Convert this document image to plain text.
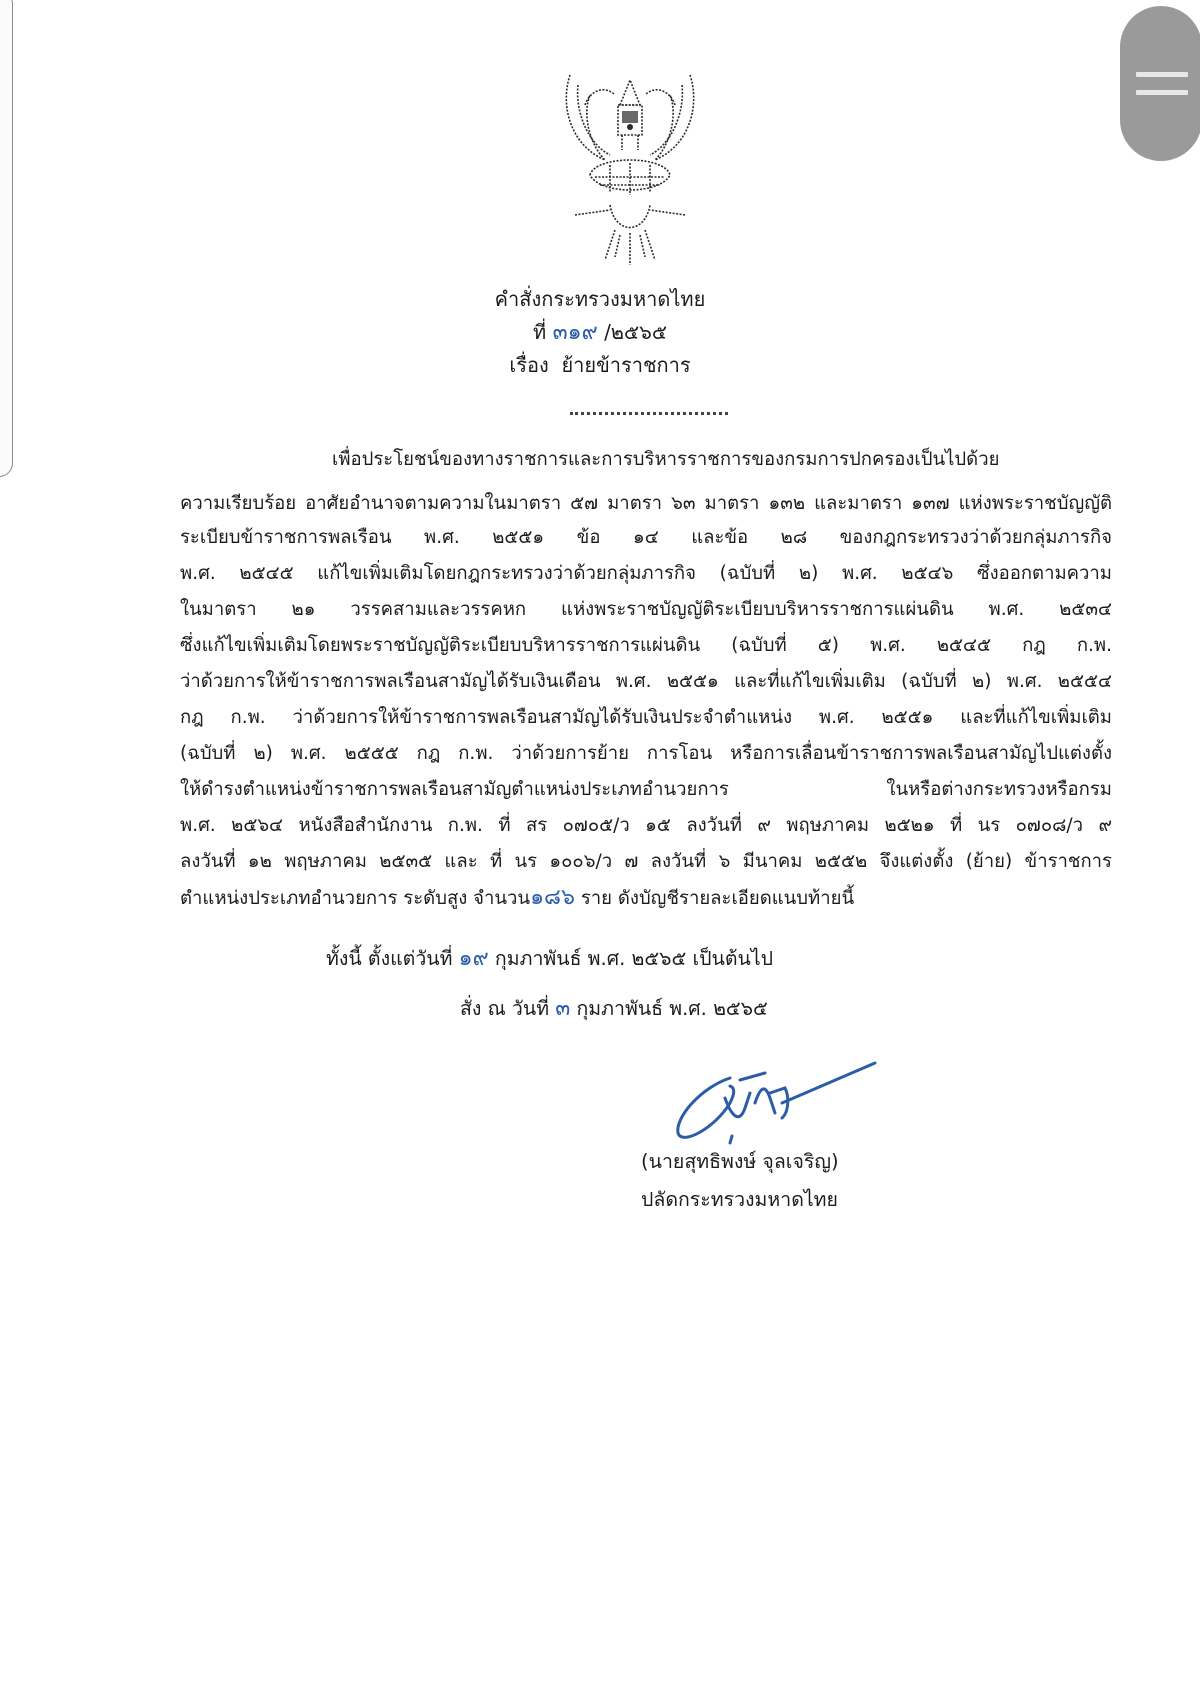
คำสั่งกระทรวงมหาดไทย
ที่ ๓๑๙ /๒๕๖๕
เรื่อง ย้ายข้าราชการ
เพื่อประโยชน์ของทางราชการและการบริหารราชการของกรมการปกครองเป็นไปด้วย
ความเรียบร้อย อาศัยอำนาจตามความในมาตรา ๕๗ มาตรา ๖๓ มาตรา ๑๓๒ และมาตรา ๑๓๗ แห่งพระราชบัญญัติ
ระเบียบข้าราชการพลเรือน พ.ศ. ๒๕๕๑ ข้อ ๑๔ และข้อ ๒๘ ของกฎกระทรวงว่าด้วยกลุ่มภารกิจ
พ.ศ. ๒๕๔๕ แก้ไขเพิ่มเติมโดยกฎกระทรวงว่าด้วยกลุ่มภารกิจ (ฉบับที่ ๒) พ.ศ. ๒๕๔๖ ซึ่งออกตามความ
ในมาตรา ๒๑ วรรคสามและวรรคหก แห่งพระราชบัญญัติระเบียบบริหารราชการแผ่นดิน พ.ศ. ๒๕๓๔
ซึ่งแก้ไขเพิ่มเติมโดยพระราชบัญญัติระเบียบบริหารราชการแผ่นดิน (ฉบับที่ ๕) พ.ศ. ๒๕๔๕ กฎ ก.พ.
ว่าด้วยการให้ข้าราชการพลเรือนสามัญได้รับเงินเดือน พ.ศ. ๒๕๕๑ และที่แก้ไขเพิ่มเติม (ฉบับที่ ๒) พ.ศ. ๒๕๕๔
กฎ ก.พ. ว่าด้วยการให้ข้าราชการพลเรือนสามัญได้รับเงินประจำตำแหน่ง พ.ศ. ๒๕๕๑ และที่แก้ไขเพิ่มเติม
(ฉบับที่ ๒) พ.ศ. ๒๕๕๕ กฎ ก.พ. ว่าด้วยการย้าย การโอน หรือการเลื่อนข้าราชการพลเรือนสามัญไปแต่งตั้ง
ให้ดำรงตำแหน่งข้าราชการพลเรือนสามัญตำแหน่งประเภทอำนวยการ ในหรือต่างกระทรวงหรือกรม
พ.ศ. ๒๕๖๔ หนังสือสำนักงาน ก.พ. ที่ สร ๐๗๐๕/ว ๑๕ ลงวันที่ ๙ พฤษภาคม ๒๕๒๑ ที่ นร ๐๗๐๘/ว ๙
ลงวันที่ ๑๒ พฤษภาคม ๒๕๓๕ และ ที่ นร ๑๐๐๖/ว ๗ ลงวันที่ ๖ มีนาคม ๒๕๕๒ จึงแต่งตั้ง (ย้าย) ข้าราชการ
ตำแหน่งประเภทอำนวยการ ระดับสูง จำนวน๑๘๖ ราย ดังบัญชีรายละเอียดแนบท้ายนี้
ทั้งนี้ ตั้งแต่วันที่ ๑๙ กุมภาพันธ์ พ.ศ. ๒๕๖๕ เป็นต้นไป
สั่ง ณ วันที่ ๓ กุมภาพันธ์ พ.ศ. ๒๕๖๕
(นายสุทธิพงษ์ จุลเจริญ)
ปลัดกระทรวงมหาดไทย
